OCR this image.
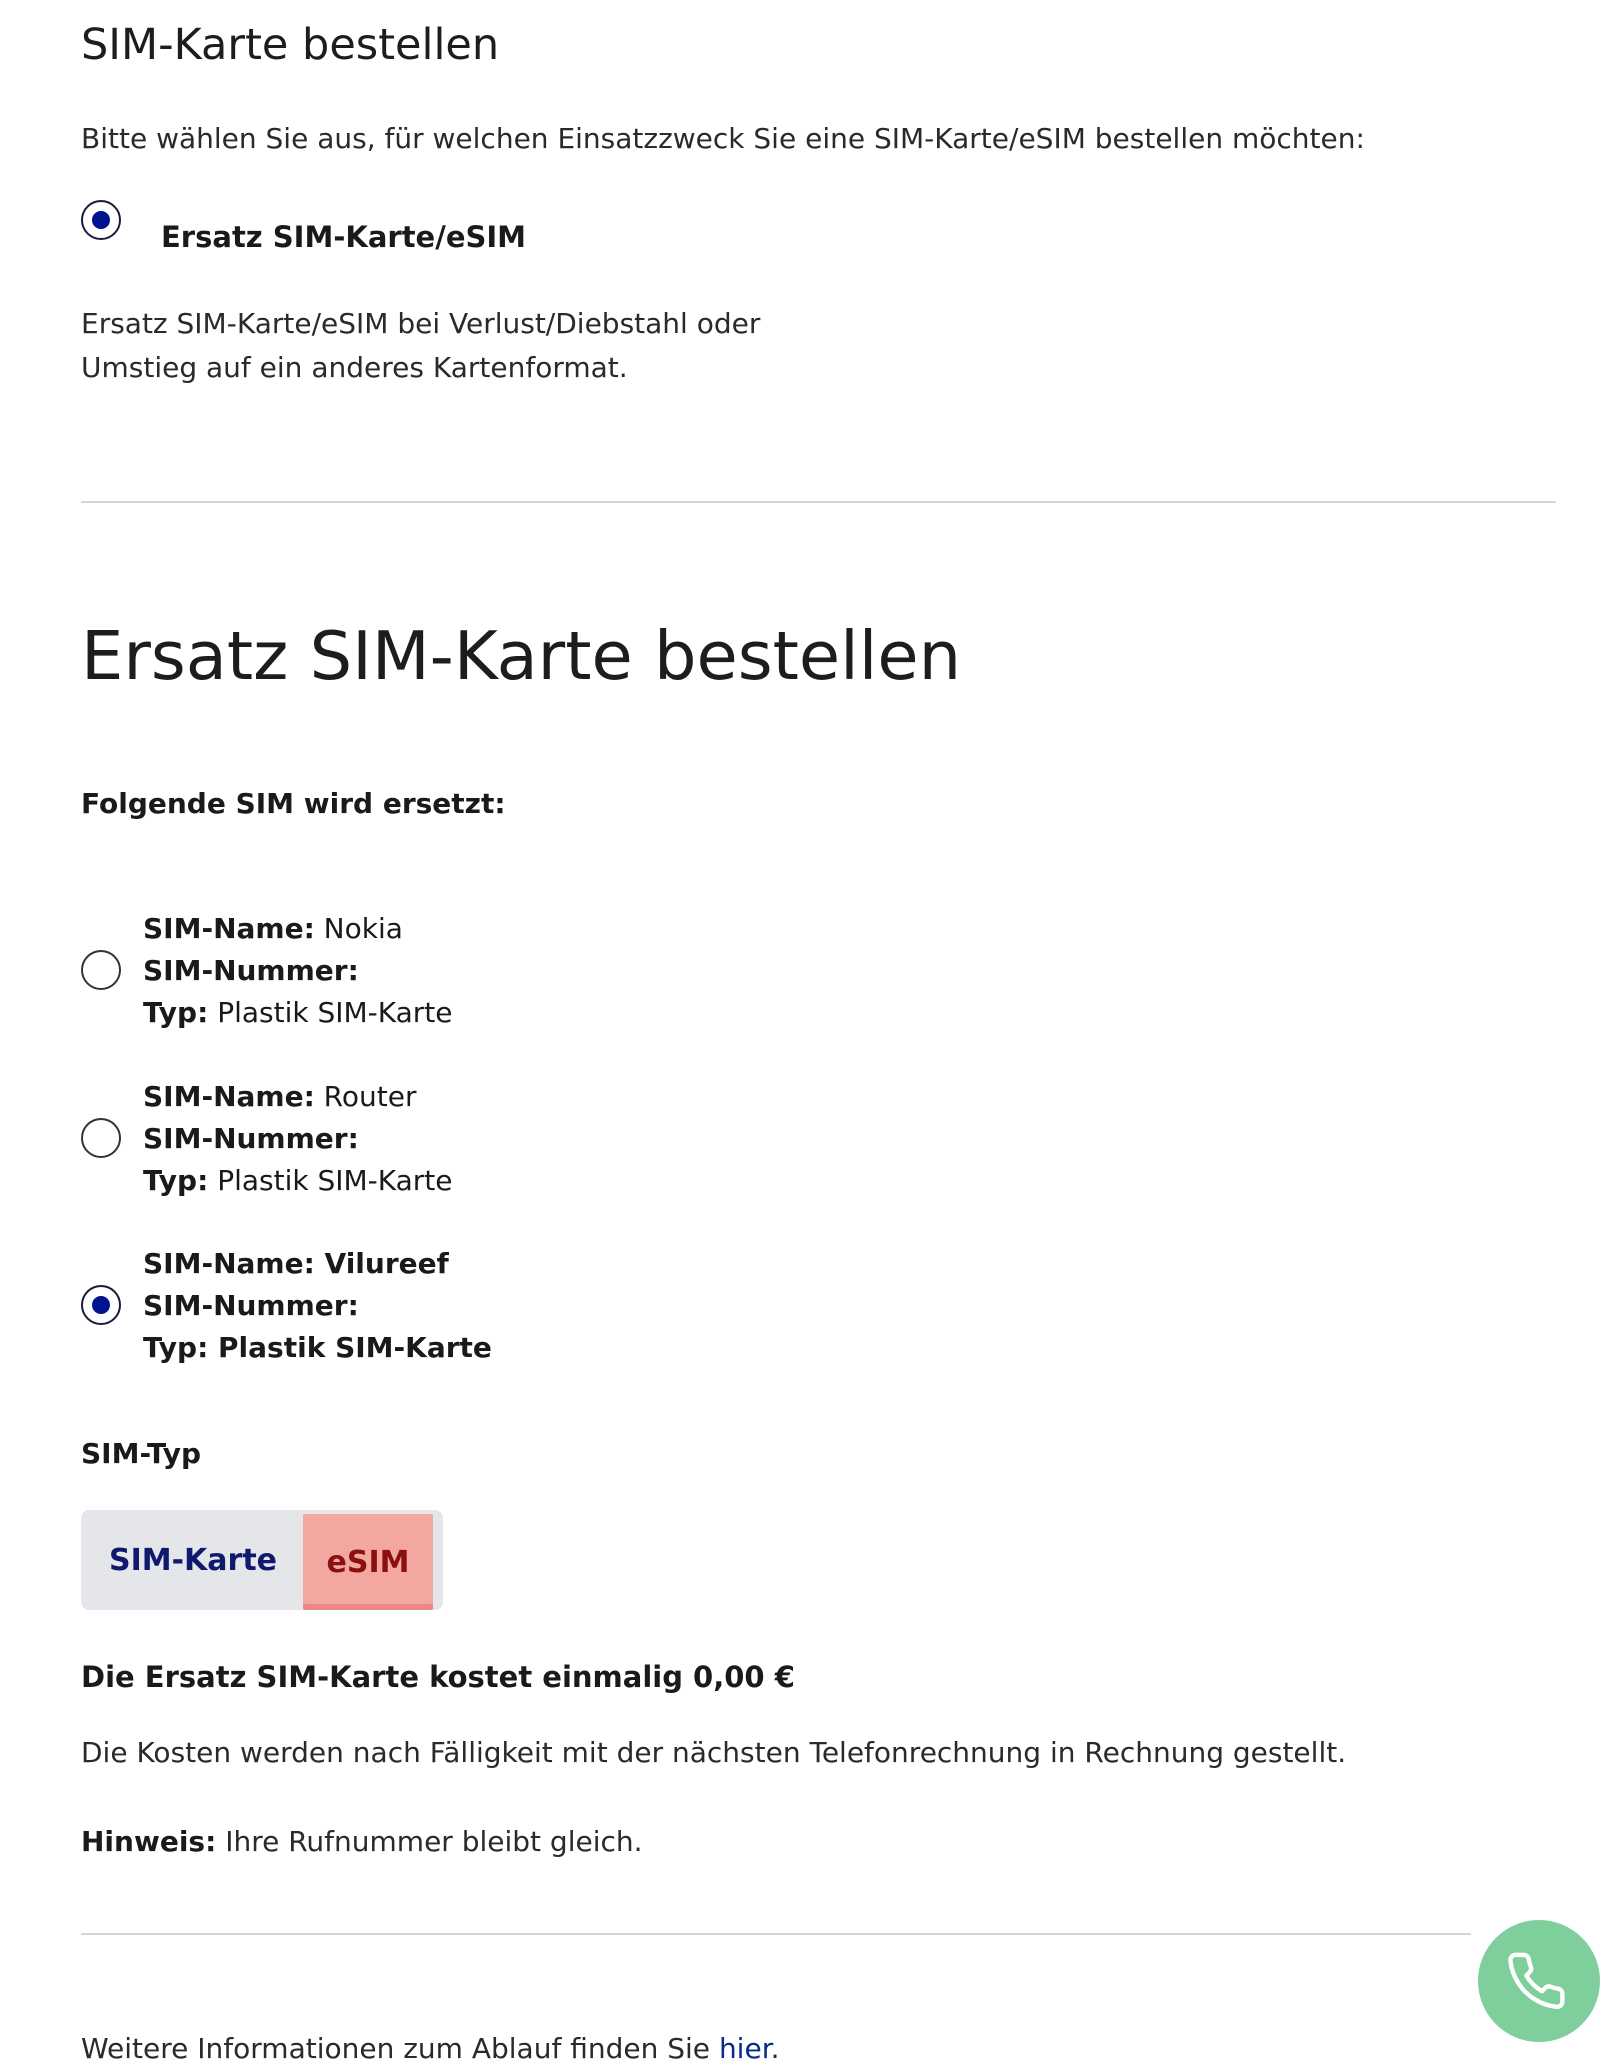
SIM-Karte bestellen
Bitte wählen Sie aus, für welchen Einsatzzweck Sie eine SIM-Karte/eSIM bestellen möchten:
Ersatz SIM-Karte/eSIM
Ersatz SIM-Karte/eSIM bei Verlust/Diebstahl oder
Umstieg auf ein anderes Kartenformat.
Ersatz SIM-Karte bestellen
Folgende SIM wird ersetzt:
SIM-Name: Nokia
SIM-Nummer:
Typ: Plastik SIM-Karte
SIM-Name: Router
SIM-Nummer:
Typ: Plastik SIM-Karte
SIM-Name: Vilureef
SIM-Nummer:
Typ: Plastik SIM-Karte
SIM-Typ
SIM-Karte	eSIM
Die Ersatz SIM-Karte kostet einmalig 0,00 €
Die Kosten werden nach Fälligkeit mit der nächsten Telefonrechnung in Rechnung gestellt.
Hinweis: Ihre Rufnummer bleibt gleich.
Weitere Informationen zum Ablauf finden Sie hier.
